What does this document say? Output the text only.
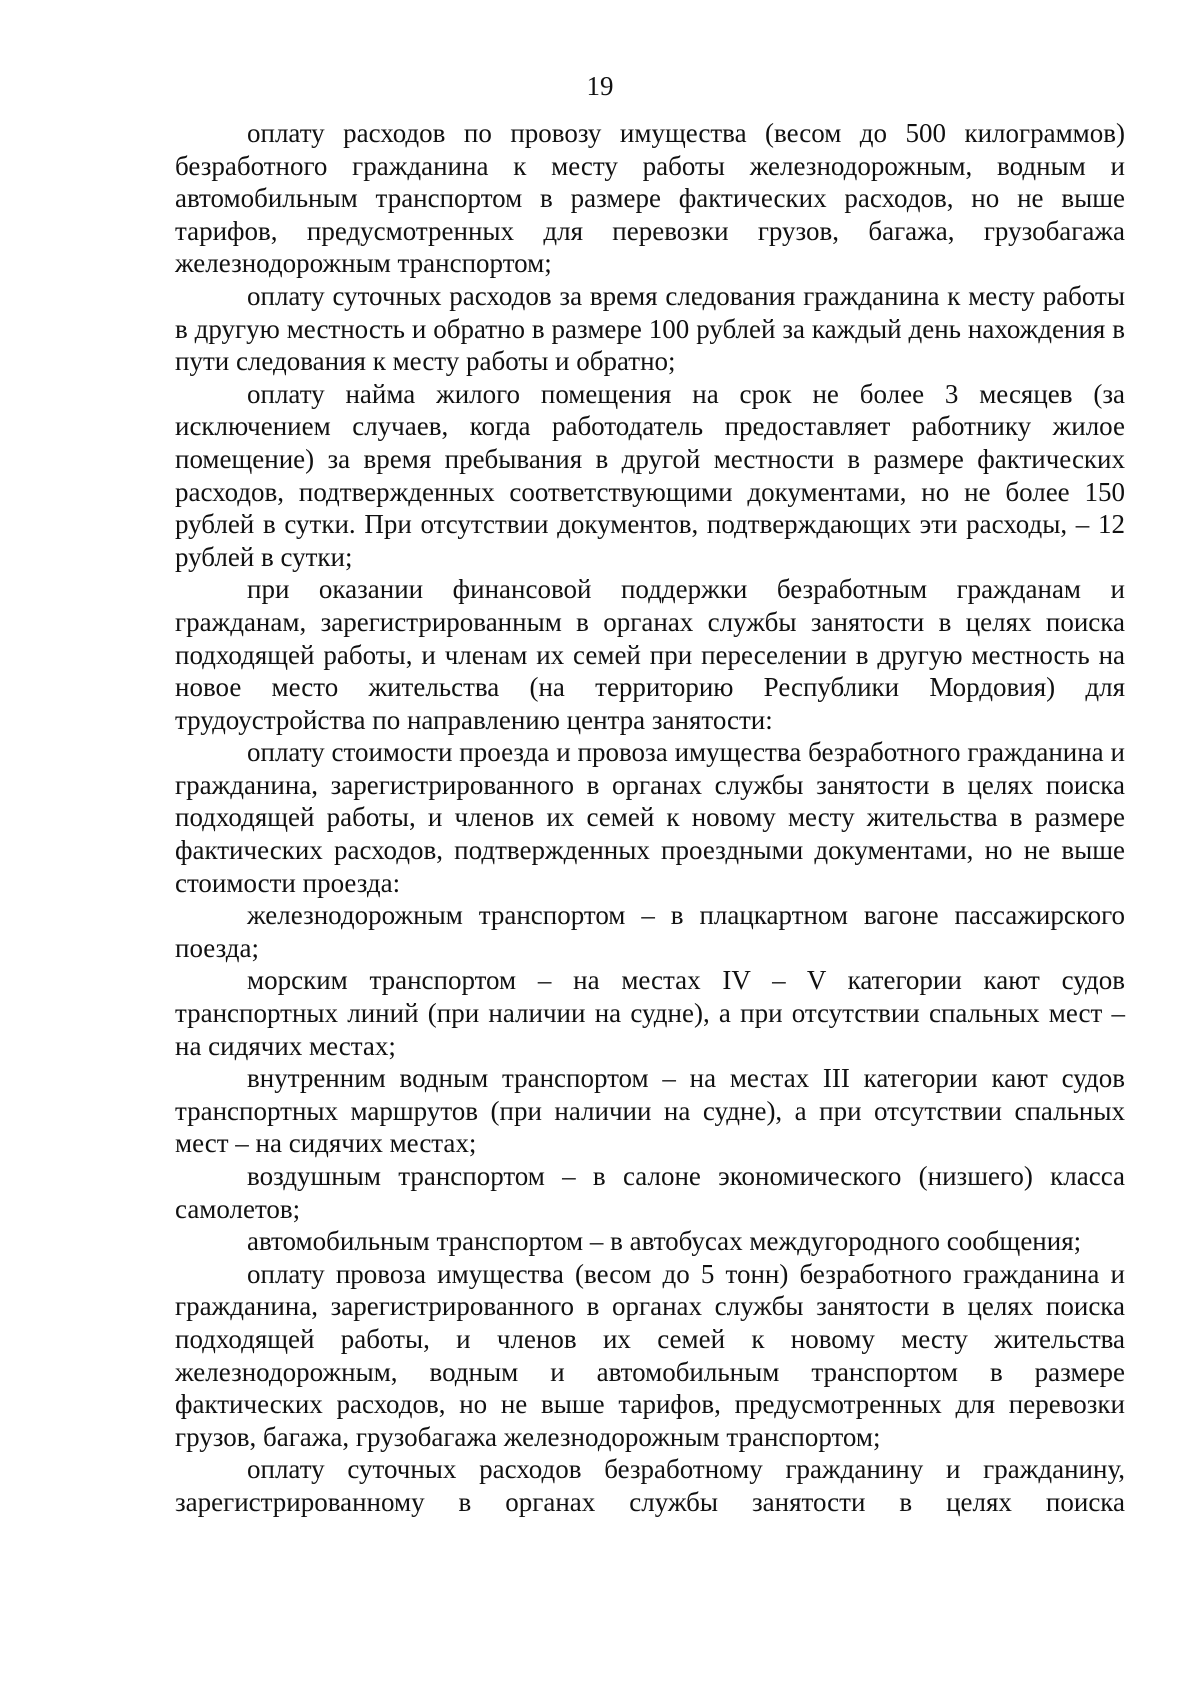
19

оплату расходов по провозу имущества (весом до 500 килограммов) безработного гражданина к месту работы железнодорожным, водным и автомобильным транспортом в размере фактических расходов, но не выше тарифов, предусмотренных для перевозки грузов, багажа, грузобагажа железнодорожным транспортом;

оплату суточных расходов за время следования гражданина к месту работы в другую местность и обратно в размере 100 рублей за каждый день нахождения в пути следования к месту работы и обратно;

оплату найма жилого помещения на срок не более 3 месяцев (за исключением случаев, когда работодатель предоставляет работнику жилое помещение) за время пребывания в другой местности в размере фактических расходов, подтвержденных соответствующими документами, но не более 150 рублей в сутки. При отсутствии документов, подтверждающих эти расходы, – 12 рублей в сутки;

при оказании финансовой поддержки безработным гражданам и гражданам, зарегистрированным в органах службы занятости в целях поиска подходящей работы, и членам их семей при переселении в другую местность на новое место жительства (на территорию Республики Мордовия) для трудоустройства по направлению центра занятости:

оплату стоимости проезда и провоза имущества безработного гражданина и гражданина, зарегистрированного в органах службы занятости в целях поиска подходящей работы, и членов их семей к новому месту жительства в размере фактических расходов, подтвержденных проездными документами, но не выше стоимости проезда:

железнодорожным транспортом – в плацкартном вагоне пассажирского поезда;

морским транспортом – на местах IV – V категории кают судов транспортных линий (при наличии на судне), а при отсутствии спальных мест – на сидячих местах;

внутренним водным транспортом – на местах III категории кают судов транспортных маршрутов (при наличии на судне), а при отсутствии спальных мест – на сидячих местах;

воздушным транспортом – в салоне экономического (низшего) класса самолетов;

автомобильным транспортом – в автобусах междугородного сообщения;

оплату провоза имущества (весом до 5 тонн) безработного гражданина и гражданина, зарегистрированного в органах службы занятости в целях поиска подходящей работы, и членов их семей к новому месту жительства железнодорожным, водным и автомобильным транспортом в размере фактических расходов, но не выше тарифов, предусмотренных для перевозки грузов, багажа, грузобагажа железнодорожным транспортом;

оплату суточных расходов безработному гражданину и гражданину, зарегистрированному в органах службы занятости в целях поиска
